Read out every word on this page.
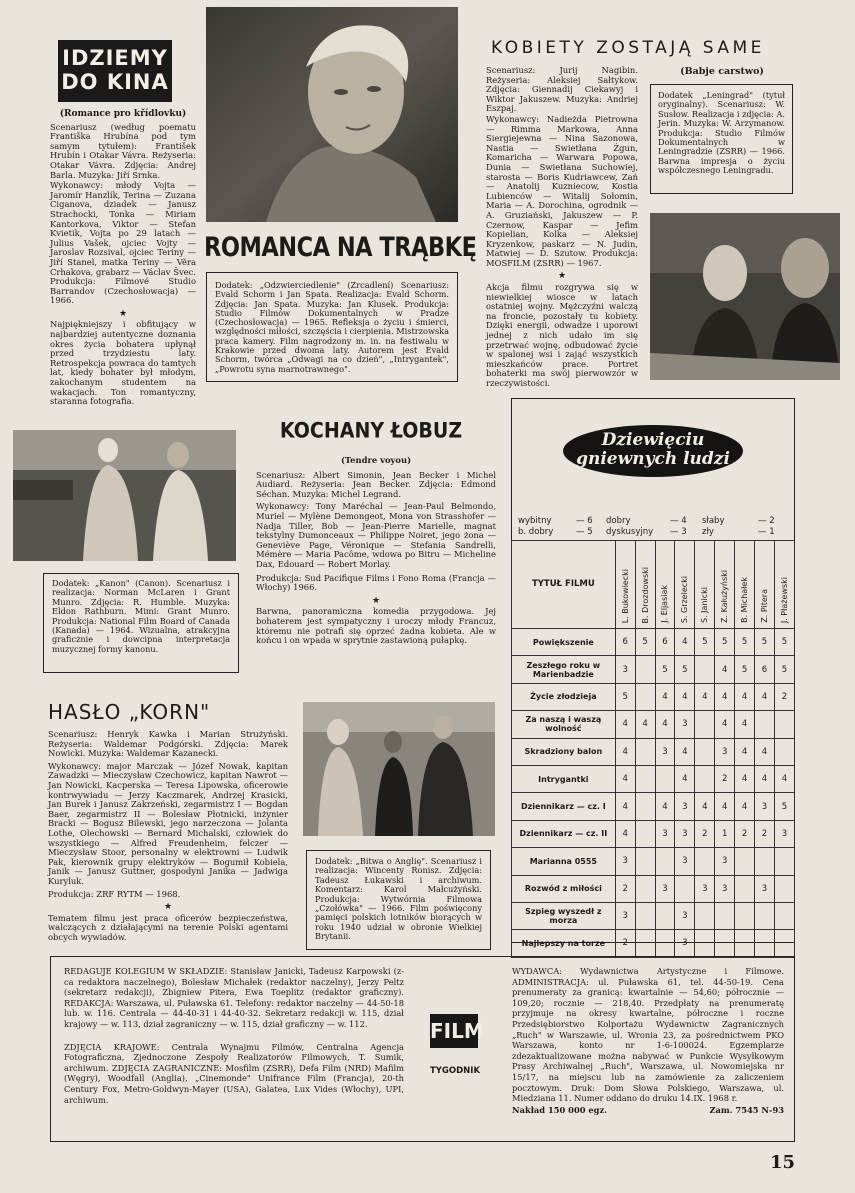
IDZIEMY
DO KINA

(Romance pro křídlovku)

Scenariusz (według poematu Františka Hrubína pod tym samym tytułem): František Hrubín i Otakar Vávra. Reżyseria: Otakar Vávra. Zdjęcia: Andrej Barla. Muzyka: Jiří Srnka.

Wykonawcy: młody Vojta — Jaromír Hanzlík, Terina — Zuzana Ciganova, dziadek — Janusz Strachocki, Tonka — Miriam Kantorkova, Viktor — Stefan Kvietik, Vojta po 29 latach — Julius Vašek, ojciec Vojty — Jaroslav Rozsival, ojciec Teriny — Jiří Stanel, matka Teriny — Věra Crhakova, grabarz — Václav Švec. Produkcja: Filmové Studio Barrandov (Czechosłowacja) — 1966.

★

Najpiękniejszy i obfitujący w najbardziej autentyczne doznania okres życia bohatera upłynął przed trzydziestu laty. Retrospekcja powraca do tamtych lat, kiedy bohater był młodym, zakochanym studentem na wakacjach. Ton romantyczny, staranna fotografia.

ROMANCA NA TRĄBKĘ

Dodatek: „Odzwierciedlenie" (Zrcadlení) Scenariusz: Evald Schorm i Jan Spata. Realizacja: Evald Schorm. Zdjęcia: Jan Spata. Muzyka: Jan Klusek. Produkcja: Studio Filmów Dokumentalnych w Pradze (Czechosłowacja) — 1965. Refleksja o życiu i śmierci, względności miłości, szczęścia i cierpienia. Mistrzowska praca kamery. Film nagrodzony m. in. na festiwalu w Krakowie przed dwoma laty. Autorem jest Evald Schorm, twórca „Odwagi na co dzień", „Intrygantek", „Powrotu syna marnotrawnego".

KOBIETY ZOSTAJĄ SAME

Scenariusz: Jurij Nagibin. Reżyseria: Aleksiej Sałtykow. Zdjęcia: Giennadij Ciekawyj i Wiktor Jakuszew. Muzyka: Andriej Eszpaj.

Wykonawcy: Nadieżda Pietrowna — Rimma Markowa, Anna Siergiejewna — Nina Sazonowa, Nastia — Swietłana Żgun, Komaricha — Warwara Popowa, Dunia — Swietłana Suchowiej, starosta — Boris Kudriawcew, Zań — Anatolij Kuzniecow, Kostia Lubienców — Witalij Sołomin, Maria — A. Dorochina, ogrodnik — A. Gruziański, Jakuszew — P. Czernow, Kaspar — Jefim Kopielian, Kolka — Aleksiej Kryzenkow, paskarz — N. Judin, Matwiej — D. Szutow. Produkcja: MOSFILM (ZSRR) — 1967.

★

Akcja filmu rozgrywa się w niewielkiej wiosce w latach ostatniej wojny. Mężczyźni walczą na froncie, pozostały tu kobiety. Dzięki energii, odwadze i uporowi jednej z nich udało im się przetrwać wojnę, odbudować życie w spalonej wsi i zająć wszystkich mieszkańców prace. Portret bohaterki ma swój pierwowzór w rzeczywistości.

(Babje carstwo)

Dodatek „Leningrad" (tytuł oryginalny). Scenariusz: W. Susłow. Realizacja i zdjęcia: A. Jerin. Muzyka: W. Arzymanow. Produkcja: Studio Filmów Dokumentalnych w Leningradzie (ZSRR) — 1966. Barwna impresja o życiu współczesnego Leningradu.

Dodatek: „Kanon" (Canon). Scenariusz i realizacja: Norman McLaren i Grant Munro. Zdjęcia: R. Humble. Muzyka: Eldon Rathburn. Mimi: Grant Munro. Produkcja: National Film Board of Canada (Kanada) — 1964. Wizualna, atrakcyjna graficznie i dowcipna interpretacja muzycznej formy kanonu.

KOCHANY ŁOBUZ

(Tendre voyou)

Scenariusz: Albert Simonin, Jean Becker i Michel Audiard. Reżyseria: Jean Becker. Zdjęcia: Edmond Séchan. Muzyka: Michel Legrand.

Wykonawcy: Tony Maréchal — Jean-Paul Belmondo, Muriel — Mylène Demongeot, Mona von Strasshofer — Nadja Tiller, Bob — Jean-Pierre Marielle, magnat tekstylny Dumonceaux — Philippe Noiret, jego żona — Geneviève Page, Véronique — Stefania Sandrelli, Mémère — Maria Pacôme, wdowa po Bitru — Micheline Dax, Edouard — Robert Morlay.

Produkcja: Sud Pacifique Films i Fono Roma (Francja — Włochy) 1966.

★

Barwna, panoramiczna komedia przygodowa. Jej bohaterem jest sympatyczny i uroczy młody Francuz, któremu nie potrafi się oprzeć żadna kobieta. Ale w końcu i on wpada w sprytnie zastawioną pułapkę.

HASŁO „KORN"

Scenariusz: Henryk Kawka i Marian Strużyński. Reżyseria: Waldemar Podgórski. Zdjęcia: Marek Nowicki. Muzyka: Waldemar Kazanecki.

Wykonawcy: major Marczak — Józef Nowak, kapitan Zawadzki — Mieczysław Czechowicz, kapitan Nawrot — Jan Nowicki, Kacperska — Teresa Lipowska, oficerowie kontrwywiadu — Jerzy Kaczmarek, Andrzej Krasicki, Jan Burek i Janusz Zakrzeński, zegarmistrz I — Bogdan Baer, zegarmistrz II — Bolesław Płotnicki, inżynier Bracki — Bogusz Bilewski, jego narzeczona — Jolanta Lothe, Olechowski — Bernard Michalski, człowiek do wszystkiego — Alfred Freudenheim, felczer — Mieczysław Stoor, personalny w elektrowni — Ludwik Pak, kierownik grupy elektryków — Bogumił Kobiela, Janik — Janusz Guttner, gospodyni Janika — Jadwiga Kuryluk.

Produkcja: ZRF RYTM — 1968.

★

Tematem filmu jest praca oficerów bezpieczeństwa, walczących z działającymi na terenie Polski agentami obcych wywiadów.

Dodatek: „Bitwa o Anglię". Scenariusz i realizacja: Wincenty Ronisz. Zdjęcia: Tadeusz Łukawski i archiwum. Komentarz: Karol Małcużyński. Produkcja: Wytwórnia Filmowa „Czołówka" — 1966. Film poświęcony pamięci polskich lotników biorących w roku 1940 udział w obronie Wielkiej Brytanii.

Dziewięciu
gniewnych ludzi
wybitny	— 6 dobry	— 4 słaby	— 2
b. dobry	— 5 dyskusyjny — 3 zły	— 1
TYTUŁ FILMU	L. Bukowiecki	B. Drozdowski	J. Eljasiak	S. Grzelecki	S. Janicki	Z. Kałużyński	B. Michałek	Z. Pitera	J. Płażewski
Powiększenie	6	5	6	4	5	5	5	5	5
Zeszłego roku w Marienbadzie	3		5	5		4	5	6	5
Życie złodzieja	5		4	4	4	4	4	4	2
Za naszą i waszą wolność	4	4	4	3		4	4		
Skradziony balon	4		3	4		3	4	4	
Intrygantki	4			4		2	4	4	4
Dziennikarz — cz. I	4		4	3	4	4	4	3	5
Dziennikarz — cz. II	4		3	3	2	1	2	2	3
Marianna 0555	3			3		3			
Rozwód z miłości	2		3		3	3		3	
Szpieg wyszedł z morza	3			3					
Najlepszy na torze	2			3					

REDAGUJE KOLEGIUM W SKŁADZIE: Stanisław Janicki, Tadeusz Karpowski (z-ca redaktora naczelnego), Bolesław Michałek (redaktor naczelny), Jerzy Peltz (sekretarz redakcji), Zbigniew Pitera, Ewa Toeplitz (redaktor graficzny). REDAKCJA: Warszawa, ul. Puławska 61. Telefony: redaktor naczelny — 44-50-18 lub. w. 116. Centrala — 44-40-31 i 44-40-32. Sekretarz redakcji w. 115, dział krajowy — w. 113, dział zagraniczny — w. 115, dział graficzny — w. 112.

ZDJĘCIA KRAJOWE: Centrala Wynajmu Filmów, Centralna Agencja Fotograficzna, Zjednoczone Zespoły Realizatorów Filmowych, T. Sumik, archiwum. ZDJĘCIA ZAGRANICZNE: Mosfilm (ZSRR), Defa Film (NRD) Mafilm (Węgry), Woodfall (Anglia), „Cinemonde" Unifrance Film (Francja), 20-th Century Fox, Metro-Goldwyn-Mayer (USA), Galatea, Lux Vides (Włochy), UPI, archiwum.

FILM
TYGODNIK

WYDAWCA: Wydawnictwa Artystyczne i Filmowe. ADMINISTRACJA: ul. Puławska 61, tel. 44-50-19. Cena prenumeraty za granicą: kwartalnie — 54,60; półrocznie — 109,20; rocznie — 218,40. Przedpłaty na prenumeratę przyjmuje na okresy kwartalne, półroczne i roczne Przedsiębiorstwo Kolportażu Wydawnictw Zagranicznych „Ruch" w Warszawie, ul. Wronia 23, za pośrednictwem PKO Warszawa, konto nr 1-6-100024. Egzemplarze zdezaktualizowane można nabywać w Punkcie Wysyłkowym Prasy Archiwalnej „Ruch", Warszawa, ul. Nowomiejska nr 15/17, na miejscu lub na zamówienie za zaliczeniem pocztowym. Druk: Dom Słowa Polskiego, Warszawa, ul. Miedziana 11. Numer oddano do druku 14.IX. 1968 r.

Nakład 150 000 egz.	Zam. 7545 N-93
15
